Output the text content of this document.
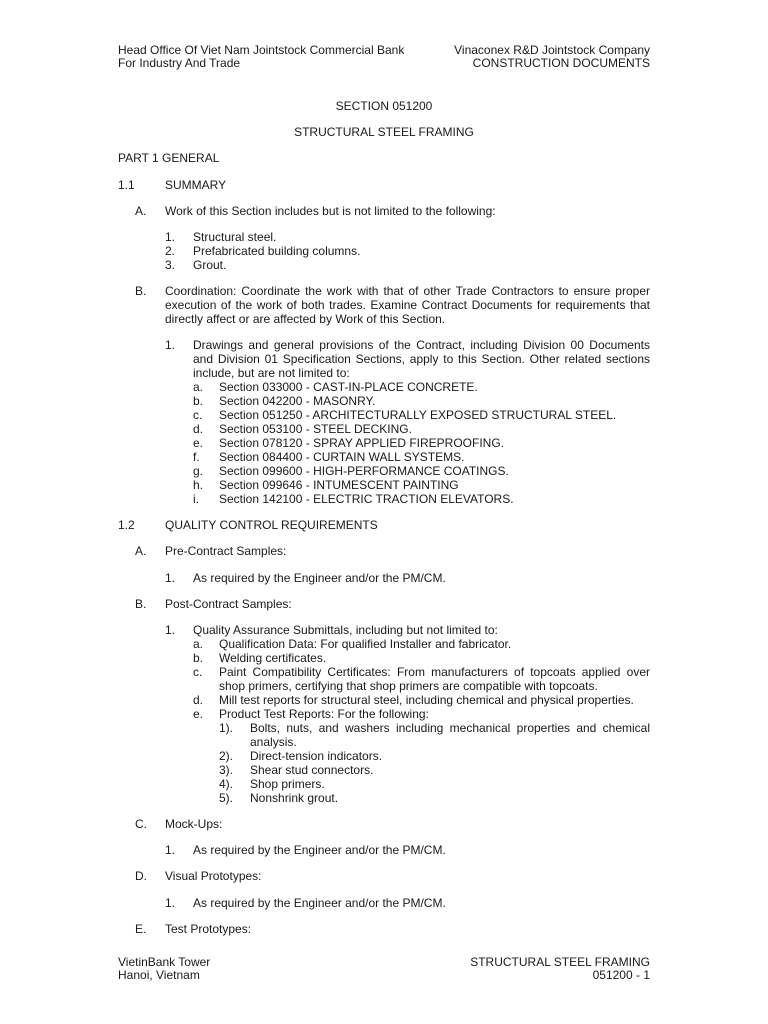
Head Office Of Viet Nam Jointstock Commercial Bank
For Industry And Trade
Vinaconex R&D Jointstock Company
CONSTRUCTION DOCUMENTS
SECTION 051200
STRUCTURAL STEEL FRAMING
PART 1 GENERAL
1.1	SUMMARY
A. Work of this Section includes but is not limited to the following:
1. Structural steel.
2. Prefabricated building columns.
3. Grout.
B. Coordination: Coordinate the work with that of other Trade Contractors to ensure proper execution of the work of both trades. Examine Contract Documents for requirements that directly affect or are affected by Work of this Section.
1. Drawings and general provisions of the Contract, including Division 00 Documents and Division 01 Specification Sections, apply to this Section. Other related sections include, but are not limited to:
a. Section 033000 - CAST-IN-PLACE CONCRETE.
b. Section 042200 - MASONRY.
c. Section 051250 - ARCHITECTURALLY EXPOSED STRUCTURAL STEEL.
d. Section 053100 - STEEL DECKING.
e. Section 078120 - SPRAY APPLIED FIREPROOFING.
f. Section 084400 - CURTAIN WALL SYSTEMS.
g. Section 099600 - HIGH-PERFORMANCE COATINGS.
h. Section 099646 - INTUMESCENT PAINTING
i. Section 142100 - ELECTRIC TRACTION ELEVATORS.
1.2	QUALITY CONTROL REQUIREMENTS
A. Pre-Contract Samples:
1. As required by the Engineer and/or the PM/CM.
B. Post-Contract Samples:
1. Quality Assurance Submittals, including but not limited to:
a. Qualification Data: For qualified Installer and fabricator.
b. Welding certificates.
c. Paint Compatibility Certificates: From manufacturers of topcoats applied over shop primers, certifying that shop primers are compatible with topcoats.
d. Mill test reports for structural steel, including chemical and physical properties.
e. Product Test Reports: For the following:
1). Bolts, nuts, and washers including mechanical properties and chemical analysis.
2). Direct-tension indicators.
3). Shear stud connectors.
4). Shop primers.
5). Nonshrink grout.
C. Mock-Ups:
1. As required by the Engineer and/or the PM/CM.
D. Visual Prototypes:
1. As required by the Engineer and/or the PM/CM.
E. Test Prototypes:
VietinBank Tower
Hanoi, Vietnam
STRUCTURAL STEEL FRAMING
051200 - 1
